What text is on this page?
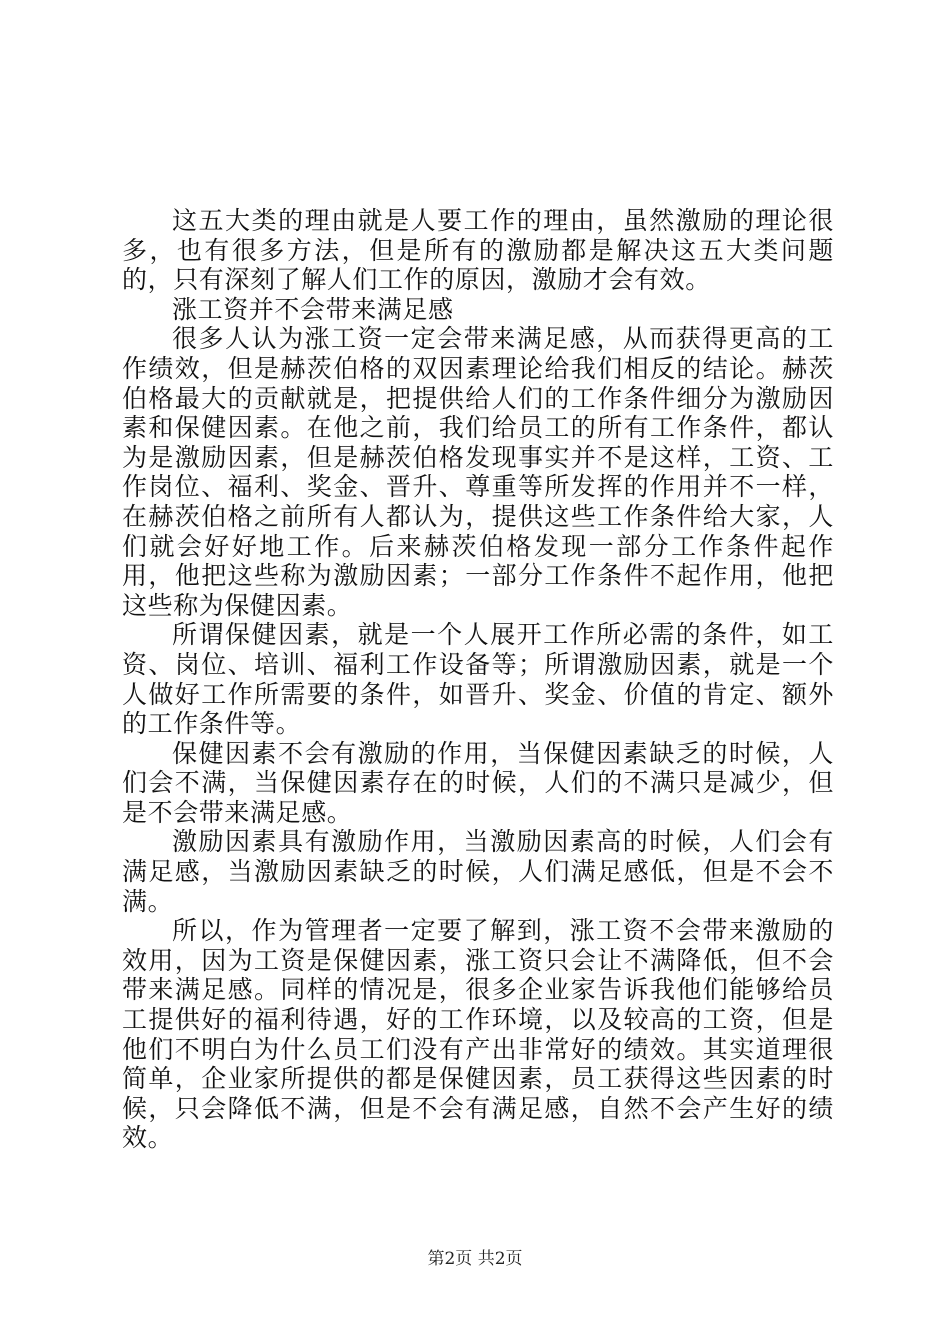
这五大类的理由就是人要工作的理由，虽然激励的理论很多，也有很多方法，但是所有的激励都是解决这五大类问题的，只有深刻了解人们工作的原因，激励才会有效。

涨工资并不会带来满足感

很多人认为涨工资一定会带来满足感，从而获得更高的工作绩效，但是赫茨伯格的双因素理论给我们相反的结论。赫茨伯格最大的贡献就是，把提供给人们的工作条件细分为激励因素和保健因素。在他之前，我们给员工的所有工作条件，都认为是激励因素，但是赫茨伯格发现事实并不是这样，工资、工作岗位、福利、奖金、晋升、尊重等所发挥的作用并不一样，在赫茨伯格之前所有人都认为，提供这些工作条件给大家，人们就会好好地工作。后来赫茨伯格发现一部分工作条件起作用，他把这些称为激励因素；一部分工作条件不起作用，他把这些称为保健因素。

所谓保健因素，就是一个人展开工作所必需的条件，如工资、岗位、培训、福利工作设备等；所谓激励因素，就是一个人做好工作所需要的条件，如晋升、奖金、价值的肯定、额外的工作条件等。

保健因素不会有激励的作用，当保健因素缺乏的时候，人们会不满，当保健因素存在的时候，人们的不满只是减少，但是不会带来满足感。

激励因素具有激励作用，当激励因素高的时候，人们会有满足感，当激励因素缺乏的时候，人们满足感低，但是不会不满。

所以，作为管理者一定要了解到，涨工资不会带来激励的效用，因为工资是保健因素，涨工资只会让不满降低，但不会带来满足感。同样的情况是，很多企业家告诉我他们能够给员工提供好的福利待遇，好的工作环境，以及较高的工资，但是他们不明白为什么员工们没有产出非常好的绩效。其实道理很简单，企业家所提供的都是保健因素，员工获得这些因素的时候，只会降低不满，但是不会有满足感，自然不会产生好的绩效。

第2页 共2页
